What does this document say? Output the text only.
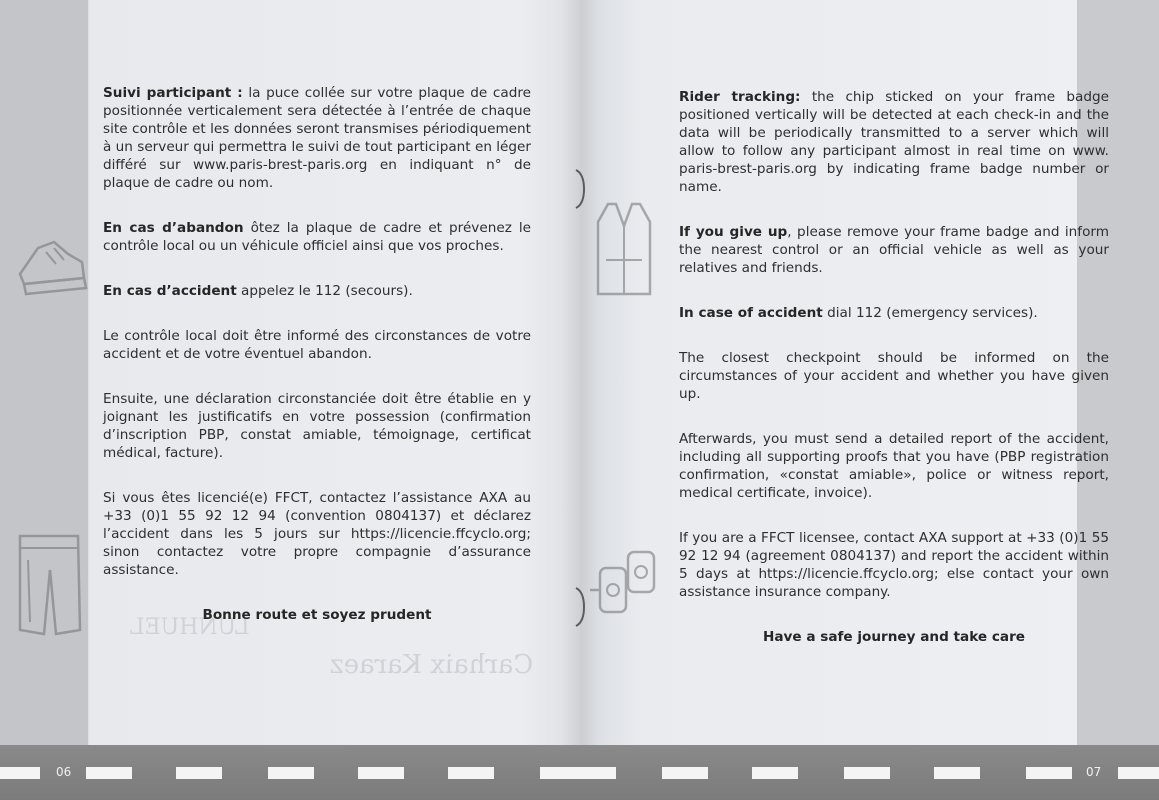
Carhaix Karaez
LUNHUEL

Suivi participant : la puce collée sur votre plaque de cadre positionnée verticalement sera détectée à l’entrée de chaque site contrôle et les données seront transmises périodiquement à un serveur qui permettra le suivi de tout participant en léger différé sur www.paris-brest-paris.org en indiquant n° de plaque de cadre ou nom.

En cas d’abandon ôtez la plaque de cadre et prévenez le contrôle local ou un véhicule officiel ainsi que vos proches.

En cas d’accident appelez le 112 (secours).

Le contrôle local doit être informé des circonstances de votre accident et de votre éventuel abandon.

Ensuite, une déclaration circonstanciée doit être établie en y joignant les justificatifs en votre possession (confirmation d’inscription PBP, constat amiable, témoignage, certificat médical, facture).

Si vous êtes licencié(e) FFCT, contactez l’assistance AXA au +33 (0)1 55 92 12 94 (convention 0804137) et déclarez l’accident dans les 5 jours sur https://licencie.ffcyclo.org; sinon contactez votre propre compagnie d’assurance assistance.

Bonne route et soyez prudent

Rider tracking: the chip sticked on your frame badge positioned vertically will be detected at each check-in and the data will be periodically transmitted to a server which will allow to follow any participant almost in real time on www. paris-brest-paris.org by indicating frame badge number or name.

If you give up, please remove your frame badge and inform the nearest control or an official vehicle as well as your relatives and friends.

In case of accident dial 112 (emergency services).

The closest checkpoint should be informed on the circumstances of your accident and whether you have given up.

Afterwards, you must send a detailed report of the accident, including all supporting proofs that you have (PBP registration confirmation, «constat amiable», police or witness report, medical certificate, invoice).

If you are a FFCT licensee, contact AXA support at +33 (0)1 55 92 12 94 (agreement 0804137) and report the accident within 5 days at https://licencie.ffcyclo.org; else contact your own assistance insurance company.

Have a safe journey and take care

06	07
